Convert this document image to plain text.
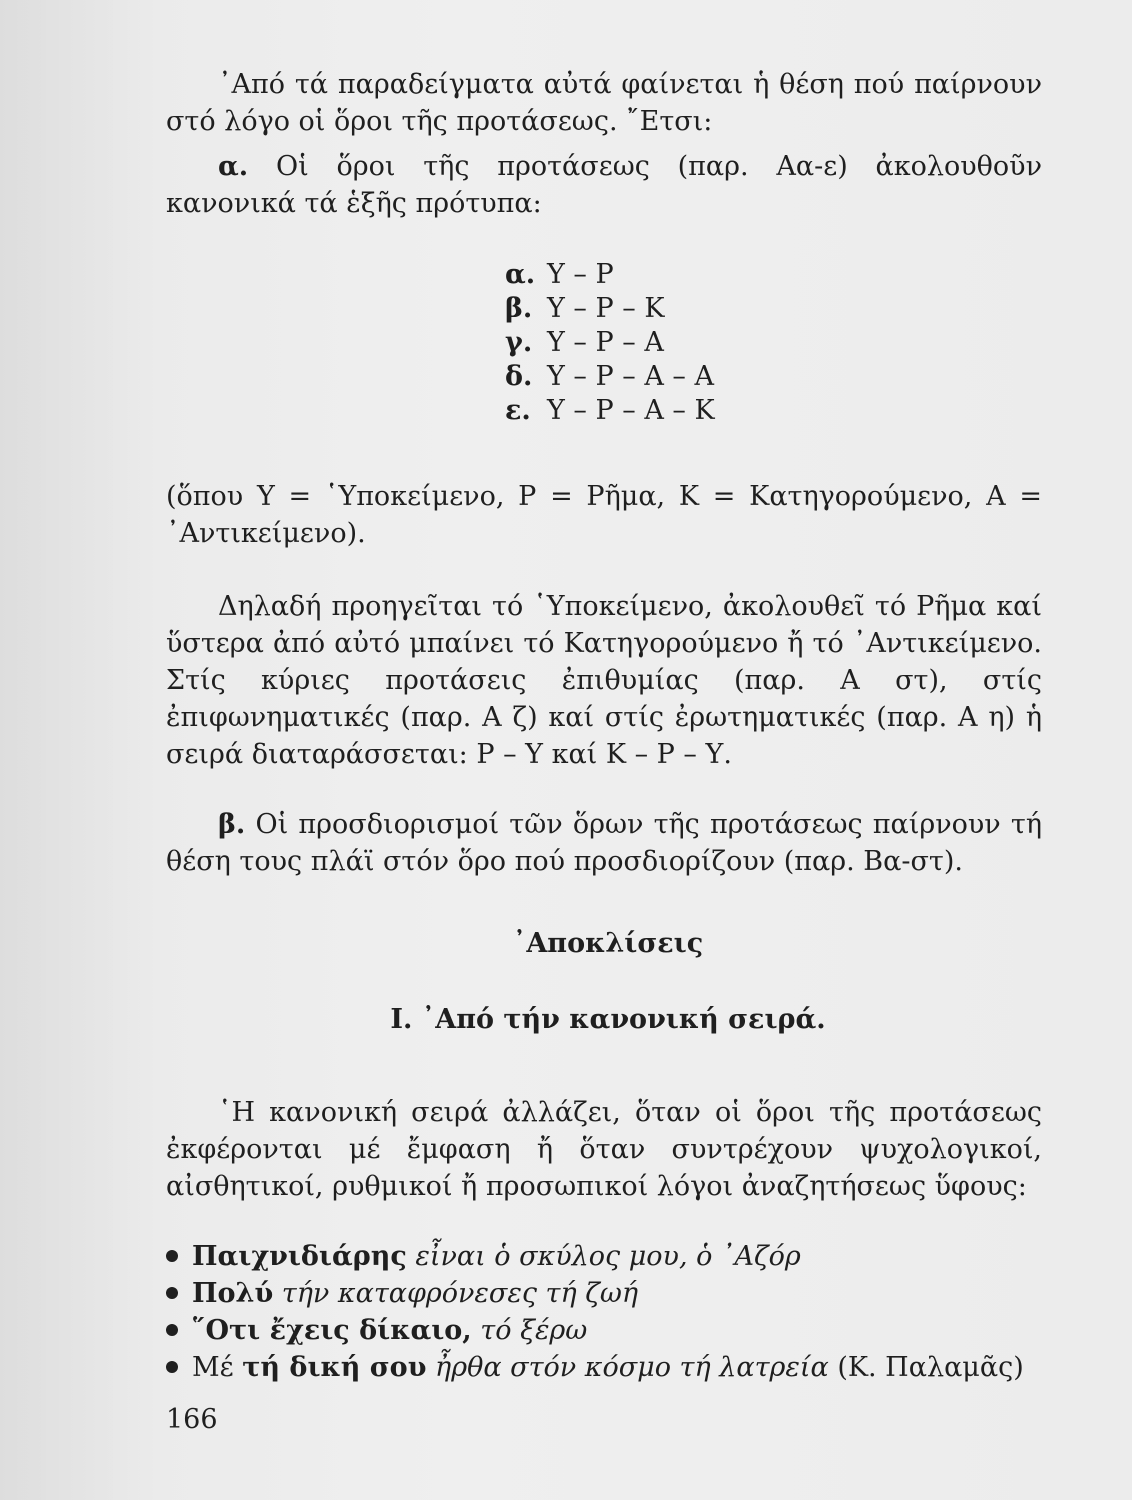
᾿Από τά παραδείγματα αὐτά φαίνεται ἡ θέση πού παίρνουν στό λόγο οἱ ὅροι τῆς προτάσεως. ῎Ετσι:

α. Οἱ ὅροι τῆς προτάσεως (παρ. Αα-ε) ἀκολουθοῦν κανονικά τά ἑξῆς πρότυπα:

α. Υ – Ρ
β. Υ – Ρ – Κ
γ. Υ – Ρ – Α
δ. Υ – Ρ – Α – Α
ε. Υ – Ρ – Α – Κ

(ὅπου Υ = ῾Υποκείμενο, Ρ = Ρῆμα, Κ = Κατηγορούμενο, Α = ᾿Αντικείμενο).

Δηλαδή προηγεῖται τό ῾Υποκείμενο, ἀκολουθεῖ τό Ρῆμα καί ὕστερα ἀπό αὐτό μπαίνει τό Κατηγορούμενο ἤ τό ᾿Αντικείμενο. Στίς κύριες προτάσεις ἐπιθυμίας (παρ. Α στ), στίς ἐπιφωνηματικές (παρ. Α ζ) καί στίς ἐρωτηματικές (παρ. Α η) ἡ σειρά διαταράσσεται: Ρ – Υ καί Κ – Ρ – Υ.

β. Οἱ προσδιορισμοί τῶν ὅρων τῆς προτάσεως παίρνουν τή θέση τους πλάϊ στόν ὅρο πού προσδιορίζουν (παρ. Βα-στ).

᾿Αποκλίσεις
Ι. ᾿Από τήν κανονική σειρά.

῾Η κανονική σειρά ἀλλάζει, ὅταν οἱ ὅροι τῆς προτάσεως ἐκφέρονται μέ ἔμφαση ἤ ὅταν συντρέχουν ψυχολογικοί, αἰσθητικοί, ρυθμικοί ἤ προσωπικοί λόγοι ἀναζητήσεως ὕφους:

Παιχνιδιάρης εἶναι ὁ σκύλος μου, ὁ ᾿Αζόρ
Πολύ τήν καταφρόνεσες τή ζωή
῞Οτι ἔχεις δίκαιο, τό ξέρω
Μέ τή δική σου ἦρθα στόν κόσμο τή λατρεία (Κ. Παλαμᾶς)
166
